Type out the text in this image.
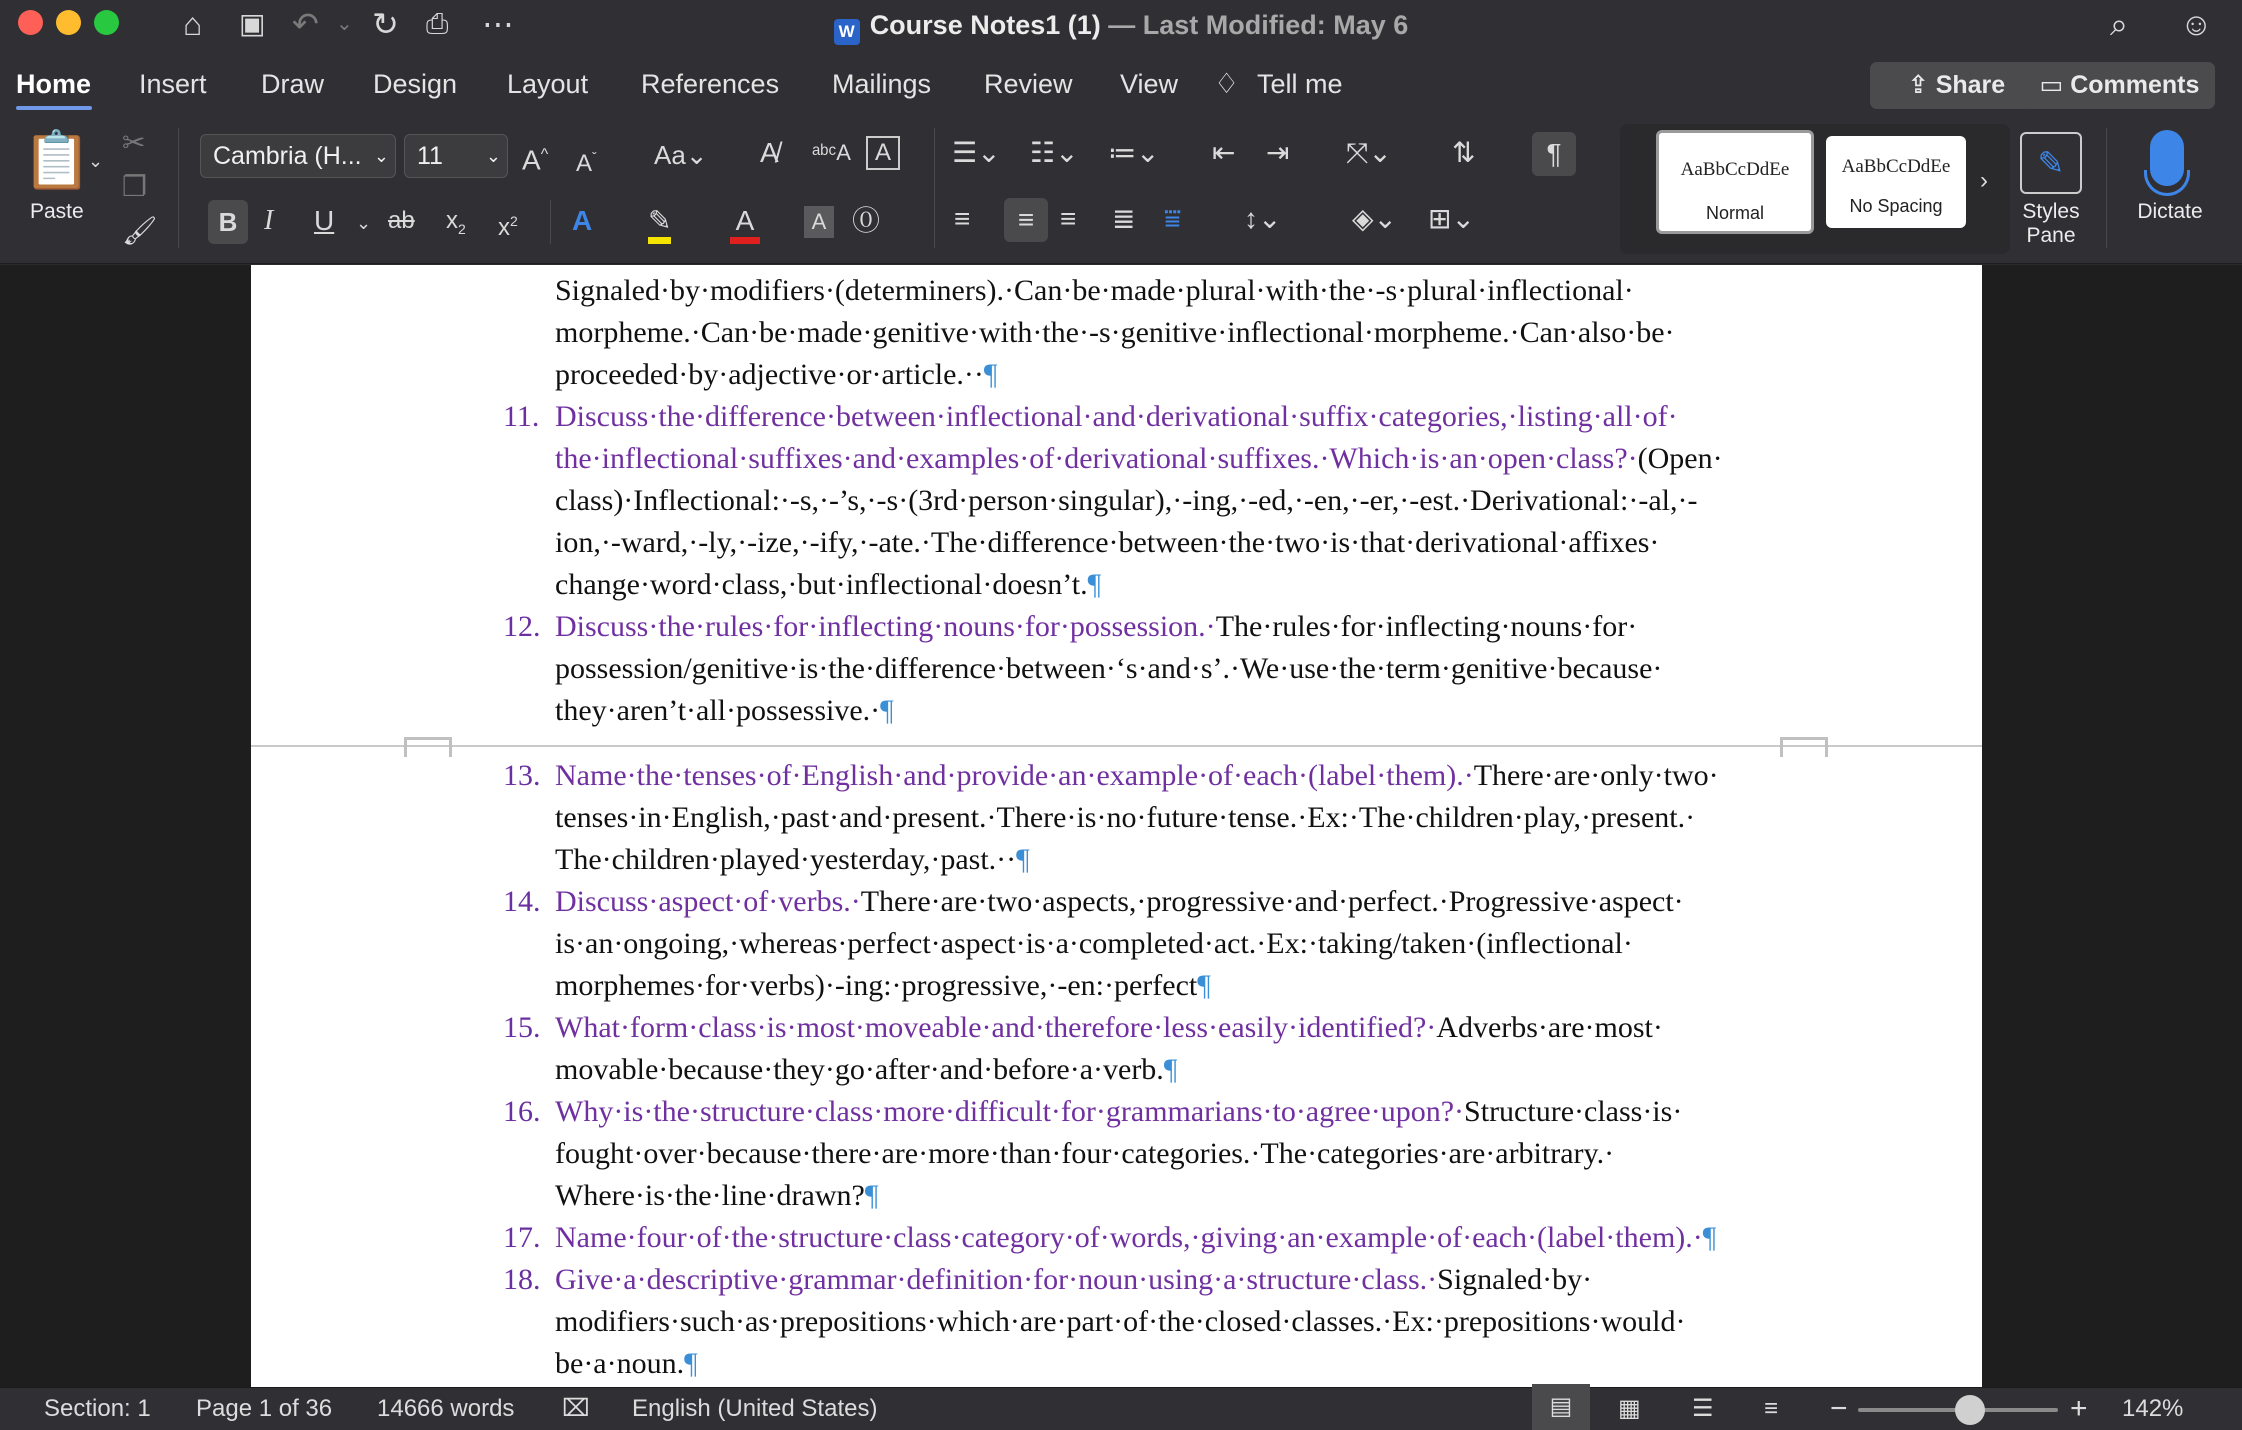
⌂ ▣ ↶ ⌄ ↻ ⎙ ⋯	W Course Notes1 (1) — Last Modified: May 6	⌕ ☺
Home Insert Draw Design Layout References Mailings Review View ♢ Tell me	⇪ Share	▭ Comments
📋
⌄
Paste
✂
❐
🖌
Cambria (H... ⌄	11 ⌄ A^ $A^ˇ$ Aa⌄ A̸ ᵃᵇᶜA	A
B I U ⌄ ab $x_2$ $x^2$ A ✎ A	A ⓪
☰⌄ ☷⌄ ≔⌄ ⇤ ⇥ ⤧⌄ ⇅	¶
≡	≡ ≡ ≣ ⩸ ↕⌄	◈⌄ ⊞⌄
AaBbCcDdEe
Normal
AaBbCcDdEe
No Spacing
›	✎
Styles Pane
Dictate
Signaled·by·modifiers·(determiners).·Can·be·made·plural·with·the·-s·plural·inflectional·
morpheme.·Can·be·made·genitive·with·the·-s·genitive·inflectional·morpheme.·Can·also·be·
proceeded·by·adjective·or·article.··¶
11. Discuss·the·difference·between·inflectional·and·derivational·suffix·categories,·listing·all·of·
the·inflectional·suffixes·and·examples·of·derivational·suffixes.·Which·is·an·open·class?·(Open·
class)·Inflectional:·-s,·-’s,·-s·(3rd·person·singular),·-ing,·-ed,·-en,·-er,·-est.·Derivational:·-al,·-
ion,·-ward,·-ly,·-ize,·-ify,·-ate.·The·difference·between·the·two·is·that·derivational·affixes·
change·word·class,·but·inflectional·doesn’t.¶
12. Discuss·the·rules·for·inflecting·nouns·for·possession.·The·rules·for·inflecting·nouns·for·
possession/genitive·is·the·difference·between·‘s·and·s’.·We·use·the·term·genitive·because·
they·aren’t·all·possessive.·¶
13. Name·the·tenses·of·English·and·provide·an·example·of·each·(label·them).·There·are·only·two·
tenses·in·English,·past·and·present.·There·is·no·future·tense.·Ex:·The·children·play,·present.·
The·children·played·yesterday,·past.··¶
14. Discuss·aspect·of·verbs.·There·are·two·aspects,·progressive·and·perfect.·Progressive·aspect·
is·an·ongoing,·whereas·perfect·aspect·is·a·completed·act.·Ex:·taking/taken·(inflectional·
morphemes·for·verbs)·-ing:·progressive,·-en:·perfect¶
15. What·form·class·is·most·moveable·and·therefore·less·easily·identified?·Adverbs·are·most·
movable·because·they·go·after·and·before·a·verb.¶
16. Why·is·the·structure·class·more·difficult·for·grammarians·to·agree·upon?·Structure·class·is·
fought·over·because·there·are·more·than·four·categories.·The·categories·are·arbitrary.·
Where·is·the·line·drawn?¶
17. Name·four·of·the·structure·class·category·of·words,·giving·an·example·of·each·(label·them).·¶
18. Give·a·descriptive·grammar·definition·for·noun·using·a·structure·class.·Signaled·by·
modifiers·such·as·prepositions·which·are·part·of·the·closed·classes.·Ex:·prepositions·would·
be·a·noun.¶
Section: 1 Page 1 of 36 14666 words ⌧ English (United States)	▤	▦ ☰ ≡ −	+ 142%
